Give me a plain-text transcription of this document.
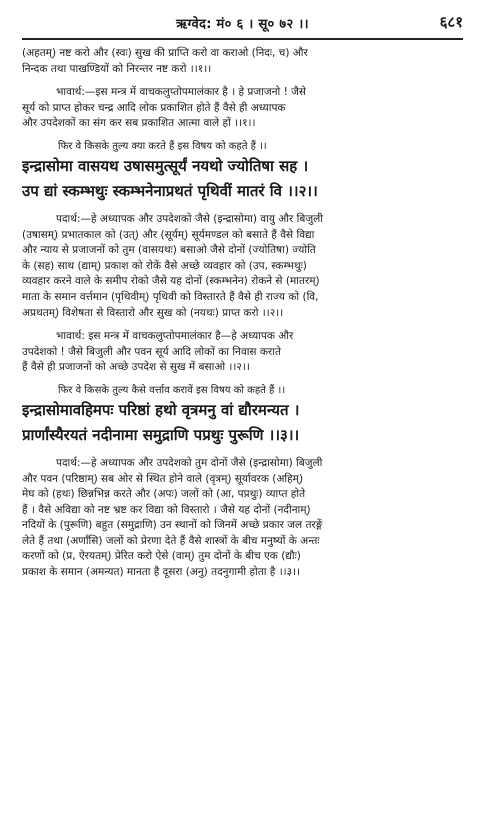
ऋग्वेद: मं० ६ । सू० ७२ ।।	६८१
(अहतम्) नष्ट करो और (स्वः) सुख की प्राप्ति करो वा कराओ (निदः, च) और
निन्दक तथा पाखण्डियों को निरन्तर नष्ट करो ।।१।।
भावार्थ:—इस मन्त्र में वाचकलुप्तोपमालंकार है । हे प्रजाजनो ! जैसे
सूर्य को प्राप्त होकर चन्द्र आदि लोक प्रकाशित होते हैं वैसे ही अध्यापक
और उपदेशकों का संग कर सब प्रकाशित आत्मा वाले हों ।।१।।
फिर वे किसके तुल्य क्या करते हैं इस विषय को कहते हैं ।।
इन्द्रासोमा वासयथ उषासमुत्सूर्यं नयथो ज्योतिषा सह ।
उप द्यां स्कम्भथुः स्कम्भनेनाप्रथतं पृथिवीं मातरं वि ।।२।।
पदार्थ:—हे अध्यापक और उपदेशको जैसे (इन्द्रासोमा) वायु और बिजुली
(उषासम्) प्रभातकाल को (उत्) और (सूर्यम्) सूर्यमण्डल को बसाते हैं वैसे विद्या
और न्याय से प्रजाजनों को तुम (वासयथः) बसाओ जैसे दोनों (ज्योतिषा) ज्योति
के (सह) साथ (द्याम्) प्रकाश को रोकें वैसे अच्छे व्यवहार को (उप, स्कम्भथुः)
व्यवहार करने वाले के समीप रोको जैसे यह दोनों (स्कम्भनेन) रोकने से (मातरम्)
माता के समान वर्त्तमान (पृथिवीम्) पृथिवी को विस्तारते हैं वैसे ही राज्य को (वि,
अप्रथतम्) विशेषता से विस्तारो और सुख को (नयथः) प्राप्त करो ।।२।।
भावार्थ: इस मन्त्र में वाचकलुप्तोपमालंकार है—हे अध्यापक और
उपदेशको ! जैसे बिजुली और पवन सूर्य आदि लोकों का निवास कराते
हैं वैसे ही प्रजाजनों को अच्छे उपदेश से सुख में बसाओ ।।२।।
फिर वे किसके तुल्य कैसे वर्त्ताव करावें इस विषय को कहते हैं ।।
इन्द्रासोमावहिमपः परिष्ठां हथो वृत्रमनु वां द्यौरमन्यत ।
प्रार्णांस्यैरयतं नदीनामा समुद्राणि पप्रथुः पुरूणि ।।३।।
पदार्थ:—हे अध्यापक और उपदेशको तुम दोनों जैसे (इन्द्रासोमा) बिजुली
और पवन (परिष्ठाम्) सब ओर से स्थित होने वाले (वृत्रम्) सूर्यावरक (अहिम्)
मेघ को (हथः) छिन्नभिन्न करते और (अपः) जलों को (आ, पप्रथुः) व्याप्त होते
हैं । वैसे अविद्या को नष्ट भ्रष्ट कर विद्या को विस्तारो । जैसे यह दोनों (नदीनाम्)
नदियों के (पुरूणि) बहुत (समुद्राणि) उन स्थानों को जिनमें अच्छे प्रकार जल तरङ्गें
लेते हैं तथा (अर्णांसि) जलों को प्रेरणा देते हैं वैसे शास्त्रों के बीच मनुष्यों के अन्तः
करणों को (प्र, ऐरयतम्) प्रेरित करो ऐसे (वाम्) तुम दोनों के बीच एक (द्यौः)
प्रकाश के समान (अमन्यत) मानता है दूसरा (अनु) तदनुगामी होता है ।।३।।
